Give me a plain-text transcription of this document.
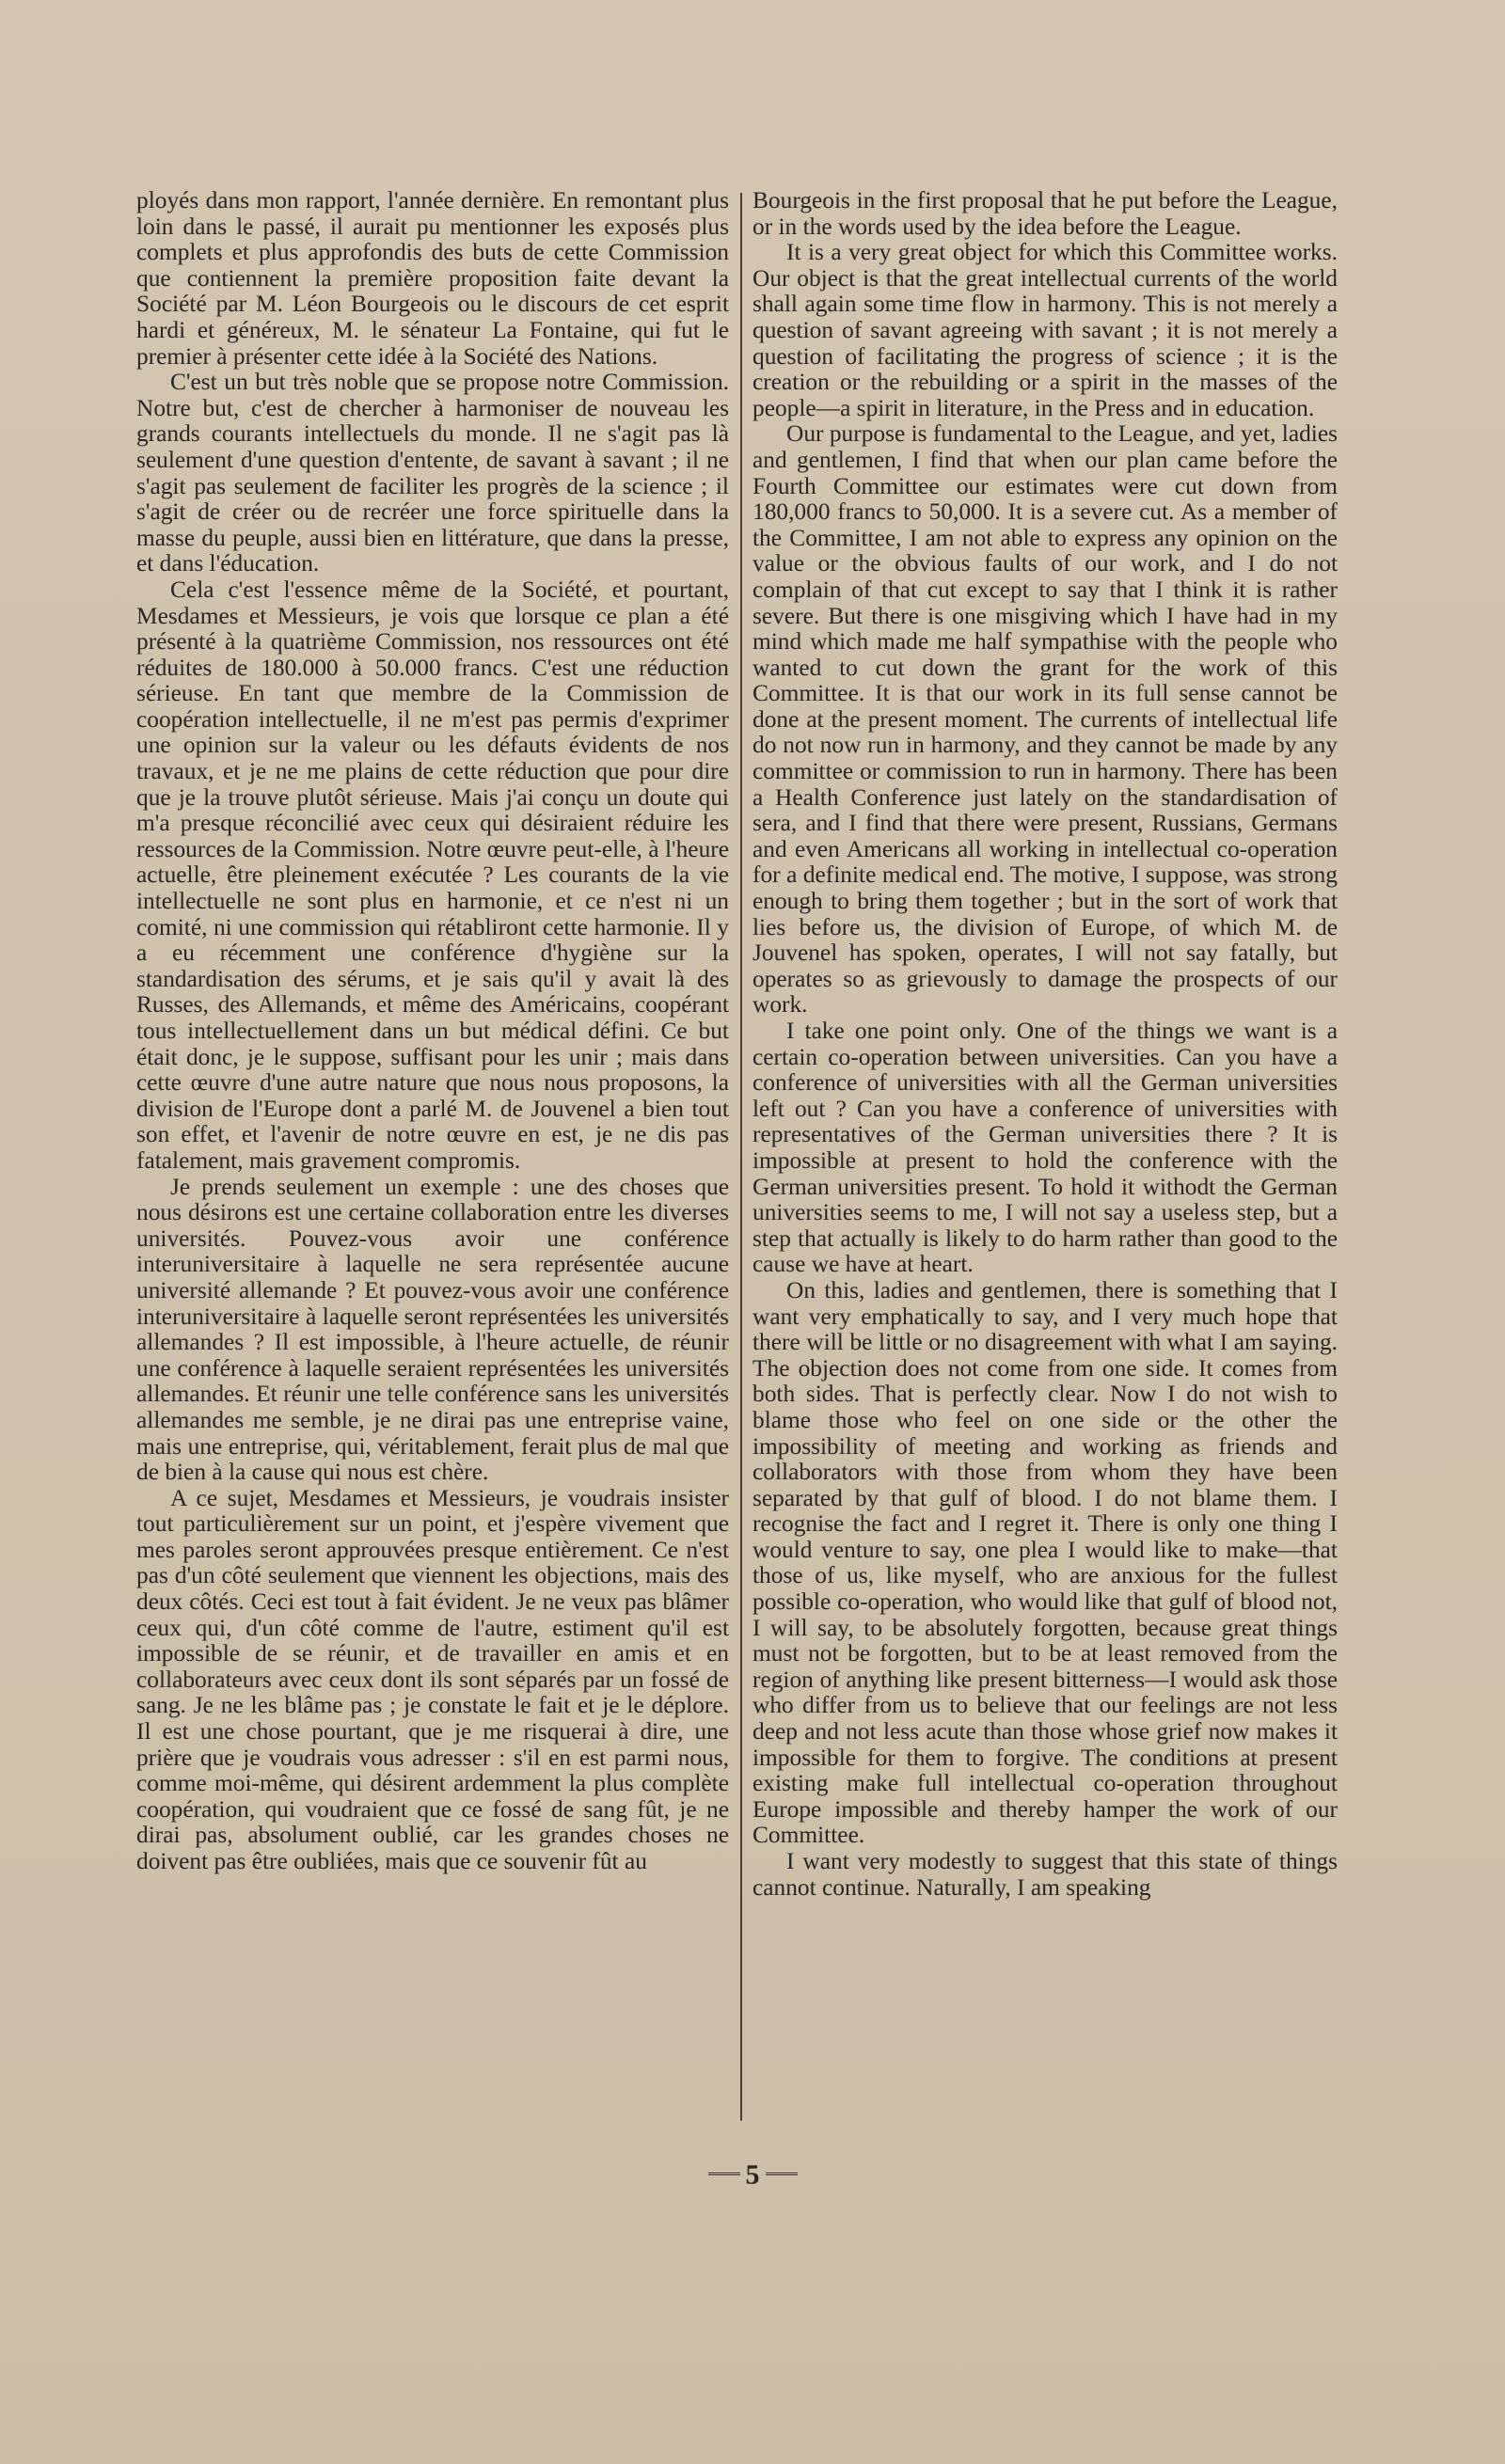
ployés dans mon rapport, l'année dernière. En remontant plus loin dans le passé, il aurait pu mentionner les exposés plus complets et plus approfondis des buts de cette Commission que contiennent la première proposition faite devant la Société par M. Léon Bourgeois ou le discours de cet esprit hardi et généreux, M. le sénateur La Fontaine, qui fut le premier à présenter cette idée à la Société des Nations.

C'est un but très noble que se propose notre Commission. Notre but, c'est de chercher à harmoniser de nouveau les grands courants intellectuels du monde. Il ne s'agit pas là seulement d'une question d'entente, de savant à savant ; il ne s'agit pas seulement de faciliter les progrès de la science ; il s'agit de créer ou de recréer une force spirituelle dans la masse du peuple, aussi bien en littérature, que dans la presse, et dans l'éducation.

Cela c'est l'essence même de la Société, et pourtant, Mesdames et Messieurs, je vois que lorsque ce plan a été présenté à la quatrième Commission, nos ressources ont été réduites de 180.000 à 50.000 francs. C'est une réduction sérieuse. En tant que membre de la Commission de coopération intellectuelle, il ne m'est pas permis d'exprimer une opinion sur la valeur ou les défauts évidents de nos travaux, et je ne me plains de cette réduction que pour dire que je la trouve plutôt sérieuse. Mais j'ai conçu un doute qui m'a presque réconcilié avec ceux qui désiraient réduire les ressources de la Commission. Notre œuvre peut-elle, à l'heure actuelle, être pleinement exécutée ? Les courants de la vie intellectuelle ne sont plus en harmonie, et ce n'est ni un comité, ni une commission qui rétabliront cette harmonie. Il y a eu récemment une conférence d'hygiène sur la standardisation des sérums, et je sais qu'il y avait là des Russes, des Allemands, et même des Américains, coopérant tous intellectuellement dans un but médical défini. Ce but était donc, je le suppose, suffisant pour les unir ; mais dans cette œuvre d'une autre nature que nous nous proposons, la division de l'Europe dont a parlé M. de Jouvenel a bien tout son effet, et l'avenir de notre œuvre en est, je ne dis pas fatalement, mais gravement compromis.

Je prends seulement un exemple : une des choses que nous désirons est une certaine collaboration entre les diverses universités. Pouvez-vous avoir une conférence interuniversitaire à laquelle ne sera représentée aucune université allemande ? Et pouvez-vous avoir une conférence interuniversitaire à laquelle seront représentées les universités allemandes ? Il est impossible, à l'heure actuelle, de réunir une conférence à laquelle seraient représentées les universités allemandes. Et réunir une telle conférence sans les universités allemandes me semble, je ne dirai pas une entreprise vaine, mais une entreprise, qui, véritablement, ferait plus de mal que de bien à la cause qui nous est chère.

A ce sujet, Mesdames et Messieurs, je voudrais insister tout particulièrement sur un point, et j'espère vivement que mes paroles seront approuvées presque entièrement. Ce n'est pas d'un côté seulement que viennent les objections, mais des deux côtés. Ceci est tout à fait évident. Je ne veux pas blâmer ceux qui, d'un côté comme de l'autre, estiment qu'il est impossible de se réunir, et de travailler en amis et en collaborateurs avec ceux dont ils sont séparés par un fossé de sang. Je ne les blâme pas ; je constate le fait et je le déplore. Il est une chose pourtant, que je me risquerai à dire, une prière que je voudrais vous adresser : s'il en est parmi nous, comme moi-même, qui désirent ardemment la plus complète coopération, qui voudraient que ce fossé de sang fût, je ne dirai pas, absolument oublié, car les grandes choses ne doivent pas être oubliées, mais que ce souvenir fût au

Bourgeois in the first proposal that he put before the League, or in the words used by the idea before the League.

It is a very great object for which this Committee works. Our object is that the great intellectual currents of the world shall again some time flow in harmony. This is not merely a question of savant agreeing with savant ; it is not merely a question of facilitating the progress of science ; it is the creation or the rebuilding or a spirit in the masses of the people—a spirit in literature, in the Press and in education.

Our purpose is fundamental to the League, and yet, ladies and gentlemen, I find that when our plan came before the Fourth Committee our estimates were cut down from 180,000 francs to 50,000. It is a severe cut. As a member of the Committee, I am not able to express any opinion on the value or the obvious faults of our work, and I do not complain of that cut except to say that I think it is rather severe. But there is one misgiving which I have had in my mind which made me half sympathise with the people who wanted to cut down the grant for the work of this Committee. It is that our work in its full sense cannot be done at the present moment. The currents of intellectual life do not now run in harmony, and they cannot be made by any committee or commission to run in harmony. There has been a Health Conference just lately on the standardisation of sera, and I find that there were present, Russians, Germans and even Americans all working in intellectual co-operation for a definite medical end. The motive, I suppose, was strong enough to bring them together ; but in the sort of work that lies before us, the division of Europe, of which M. de Jouvenel has spoken, operates, I will not say fatally, but operates so as grievously to damage the prospects of our work.

I take one point only. One of the things we want is a certain co-operation between universities. Can you have a conference of universities with all the German universities left out ? Can you have a conference of universities with representatives of the German universities there ? It is impossible at present to hold the conference with the German universities present. To hold it withodt the German universities seems to me, I will not say a useless step, but a step that actually is likely to do harm rather than good to the cause we have at heart.

On this, ladies and gentlemen, there is something that I want very emphatically to say, and I very much hope that there will be little or no disagreement with what I am saying. The objection does not come from one side. It comes from both sides. That is perfectly clear. Now I do not wish to blame those who feel on one side or the other the impossibility of meeting and working as friends and collaborators with those from whom they have been separated by that gulf of blood. I do not blame them. I recognise the fact and I regret it. There is only one thing I would venture to say, one plea I would like to make—that those of us, like myself, who are anxious for the fullest possible co-operation, who would like that gulf of blood not, I will say, to be absolutely forgotten, because great things must not be forgotten, but to be at least removed from the region of anything like present bitterness—I would ask those who differ from us to believe that our feelings are not less deep and not less acute than those whose grief now makes it impossible for them to forgive. The conditions at present existing make full intellectual co-operation throughout Europe impossible and thereby hamper the work of our Committee.

I want very modestly to suggest that this state of things cannot continue. Naturally, I am speaking

5
